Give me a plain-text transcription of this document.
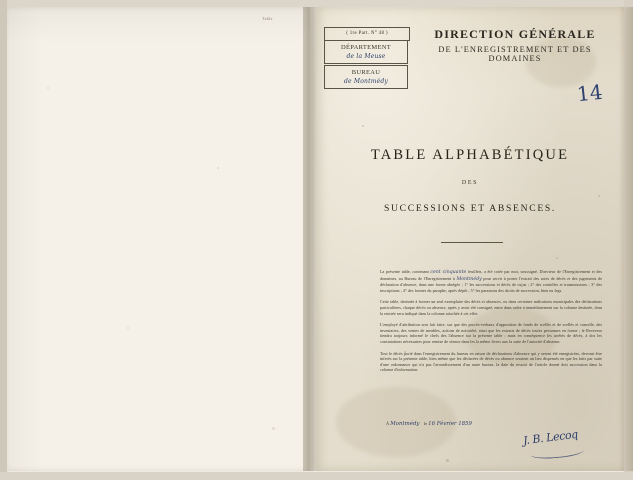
Table
( 1re Part. N° 48 )
DÉPARTEMENT
de la Meuse
BUREAU
de Montmédy
DIRECTION GÉNÉRALE
DE L'ENREGISTREMENT ET DES DOMAINES
14
TABLE ALPHABÉTIQUE
DES
SUCCESSIONS ET ABSENCES.
La présente table, contenant cent cinquante feuillets, a été cotée par moi, soussigné, Directeur de l'Enregistrement et des domaines, au Bureau de l'Enregistrement à Montmédy pour servir à porter l'extrait des actes de décès et des jugements de déclaration d'absence, dans une forme abrégée ; 1° les successions et décès de cujus ; 2° des contrôles et transmissions ; 3° des inscriptions ; 4° des formes du paraphe, après dépôt ; 5° les paraisons des droits de succession, bien ou legs.
Cette table, destinée à former un seul exemplaire des décès et absences, ou dans certaines indications municipales des déclarations particulières, chaque décès ou absence, après y avoir été consigné, entre dans ordre à immédiatement sur la colonne destinée, dont la rentrée sera indiqué dans la colonne attachée à cet effet.
L'employé d'attribution sera fait faire, sur que des procès-verbaux d'apposition de fonds de scellés et de scellés et cancelle, des inventaires, des ventes de meubles, actions de notoriété, ainsi que les extraits de décès toutes personnes en forme ; le Receveur tiendra toujours informé le chefs des l'absence sur la présente table ; mais en conséquence les arrêtés de décès, à dos les constatations nécessaires pour remise de séance dans les la même livres aux la suite de l'autorité d'absence.
Tout le décès porté dans l'enregistrement du bureau en raison de déclarations d'absence qui y seront été enregistrées, devront être inferés sur la présente table, bien même que les déclarées de décès ou absence seraient un lieu dispensés en que les faits par suite d'une ordonnance qui n'a pas l'arrondissement d'un autre bureau, la date du ressort de l'article donné doit succession dans la colonne d'information.
À Montmédy le 16 Février 1859
J. B. Lecoq
